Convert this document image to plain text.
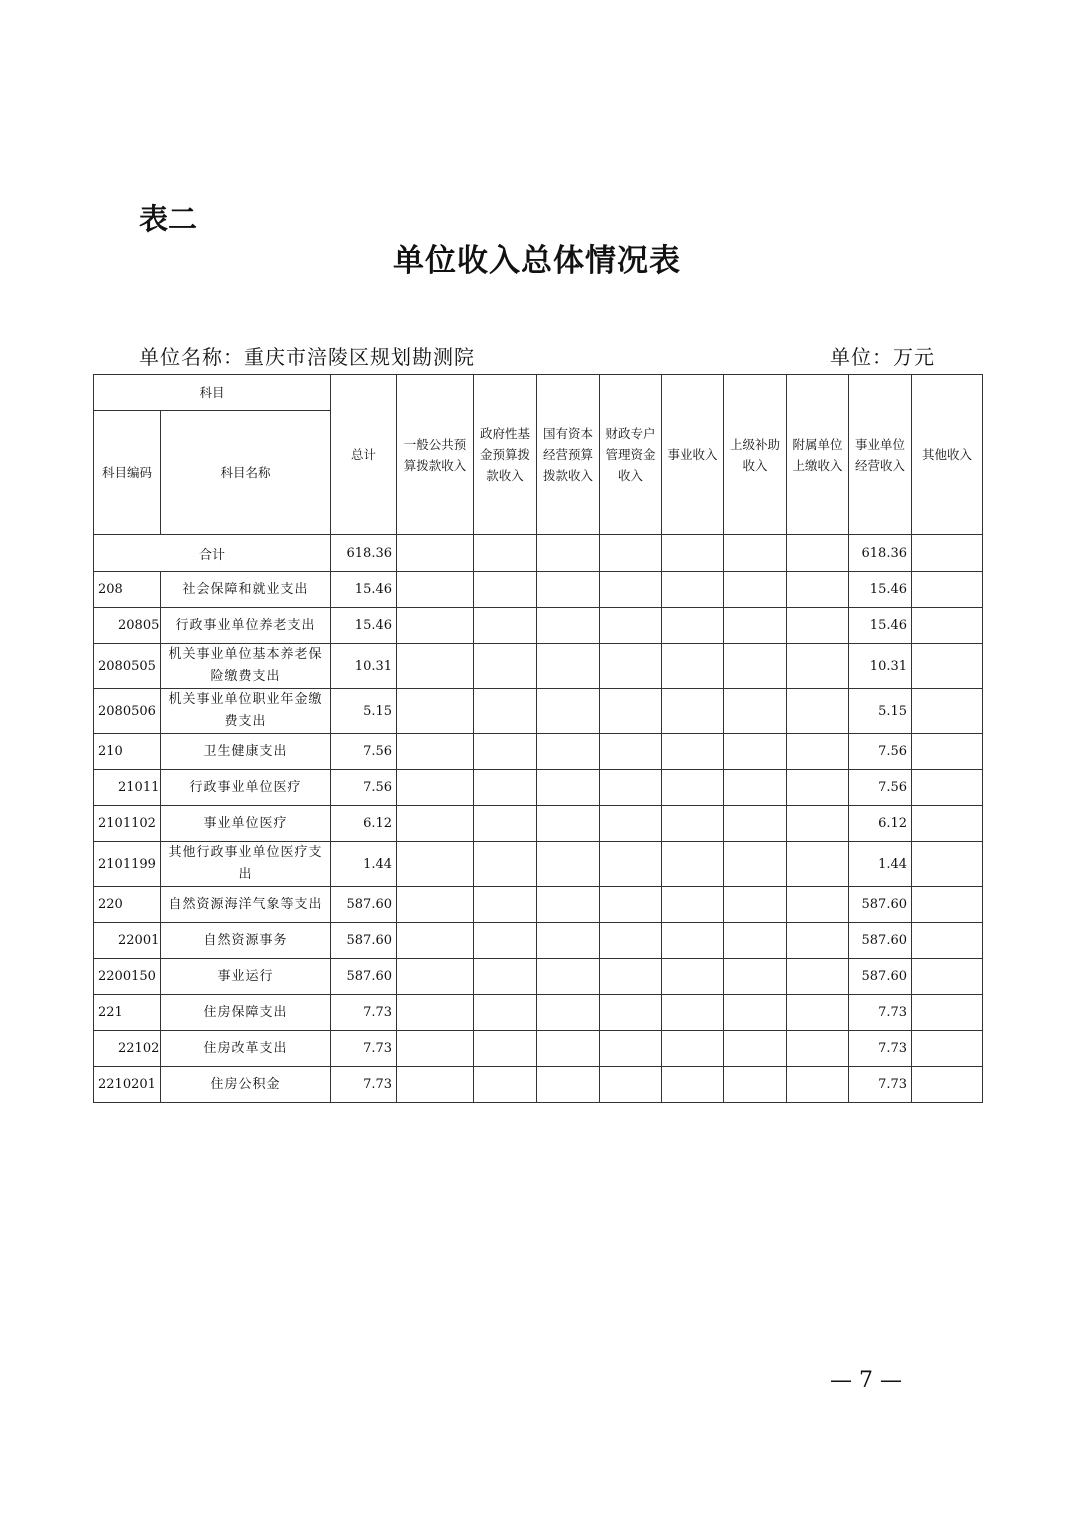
表二
单位收入总体情况表
单位名称：重庆市涪陵区规划勘测院	单位：万元
科目		总计	一般公共预算拨款收入	政府性基金预算拨款收入	国有资本经营预算拨款收入	财政专户管理资金收入	事业收入	上级补助收入	附属单位上缴收入	事业单位经营收入	其他收入
科目编码	科目名称										
合计		618.36								618.36	
208	社会保障和就业支出	15.46								15.46	
20805	行政事业单位养老支出	15.46								15.46	
2080505	机关事业单位基本养老保险缴费支出	10.31								10.31	
2080506	机关事业单位职业年金缴费支出	5.15								5.15	
210	卫生健康支出	7.56								7.56	
21011	行政事业单位医疗	7.56								7.56	
2101102	事业单位医疗	6.12								6.12	
2101199	其他行政事业单位医疗支出	1.44								1.44	
220	自然资源海洋气象等支出	587.60								587.60	
22001	自然资源事务	587.60								587.60	
2200150	事业运行	587.60								587.60	
221	住房保障支出	7.73								7.73	
22102	住房改革支出	7.73								7.73	
2210201	住房公积金	7.73								7.73	
— 7 —
